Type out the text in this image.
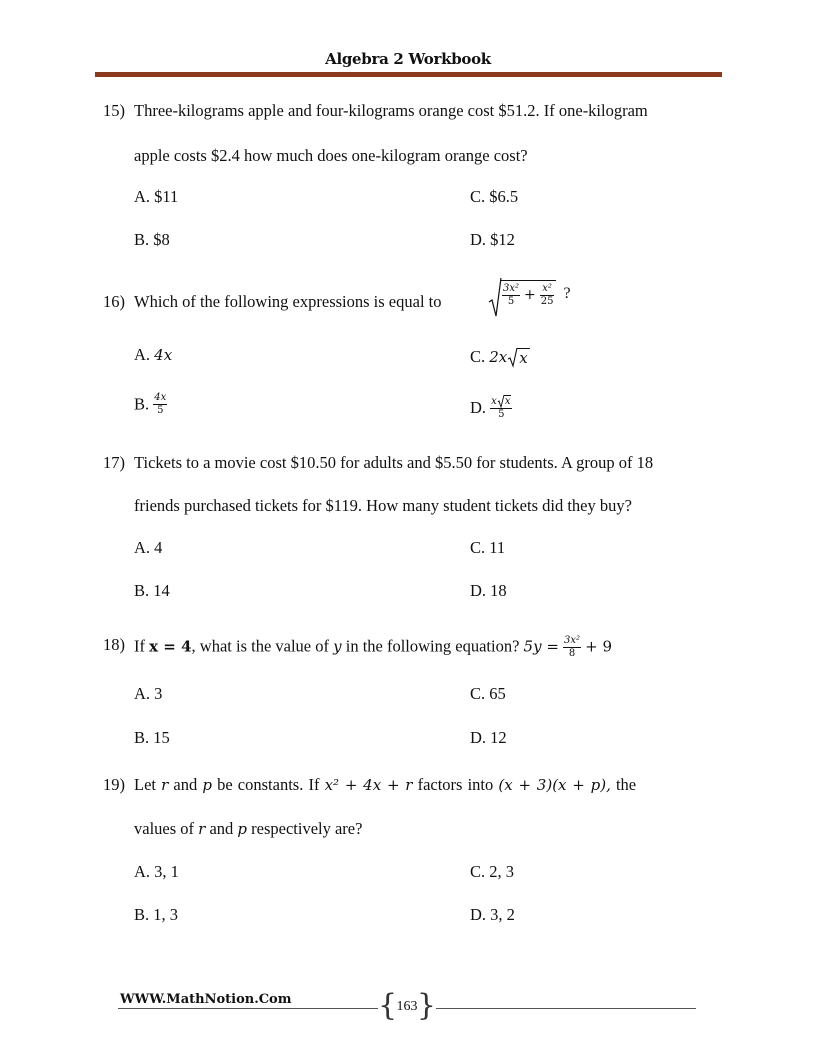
Algebra 2 Workbook
15) Three-kilograms apple and four-kilograms orange cost $51.2. If one-kilogram
apple costs $2.4 how much does one-kilogram orange cost?
A. $11	C. $6.5
B. $8	D. $12
16) Which of the following expressions is equal to	$\frac{\text{3x²}}{5} + \frac{\text{x²}}{25}$ ?
A. 4x	C. 2x x
B. $\frac{4x}{5}$	D. $\frac{\text{x x}}{5}$
17) Tickets to a movie cost $10.50 for adults and $5.50 for students. A group of 18
friends purchased tickets for $119. How many student tickets did they buy?
A. 4	C. 11
B. 14	D. 18
18) If x = 4, what is the value of y in the following equation? $5y = \frac{\text{3x²}}{8} + 9$
A. 3	C. 65
B. 15	D. 12
19) Let r and p be constants. If x² + 4x + r factors into (x + 3)(x + p), the
values of r and p respectively are?
A. 3, 1	C. 2, 3
B. 1, 3	D. 3, 2
WWW.MathNotion.Com	{ 163 }
